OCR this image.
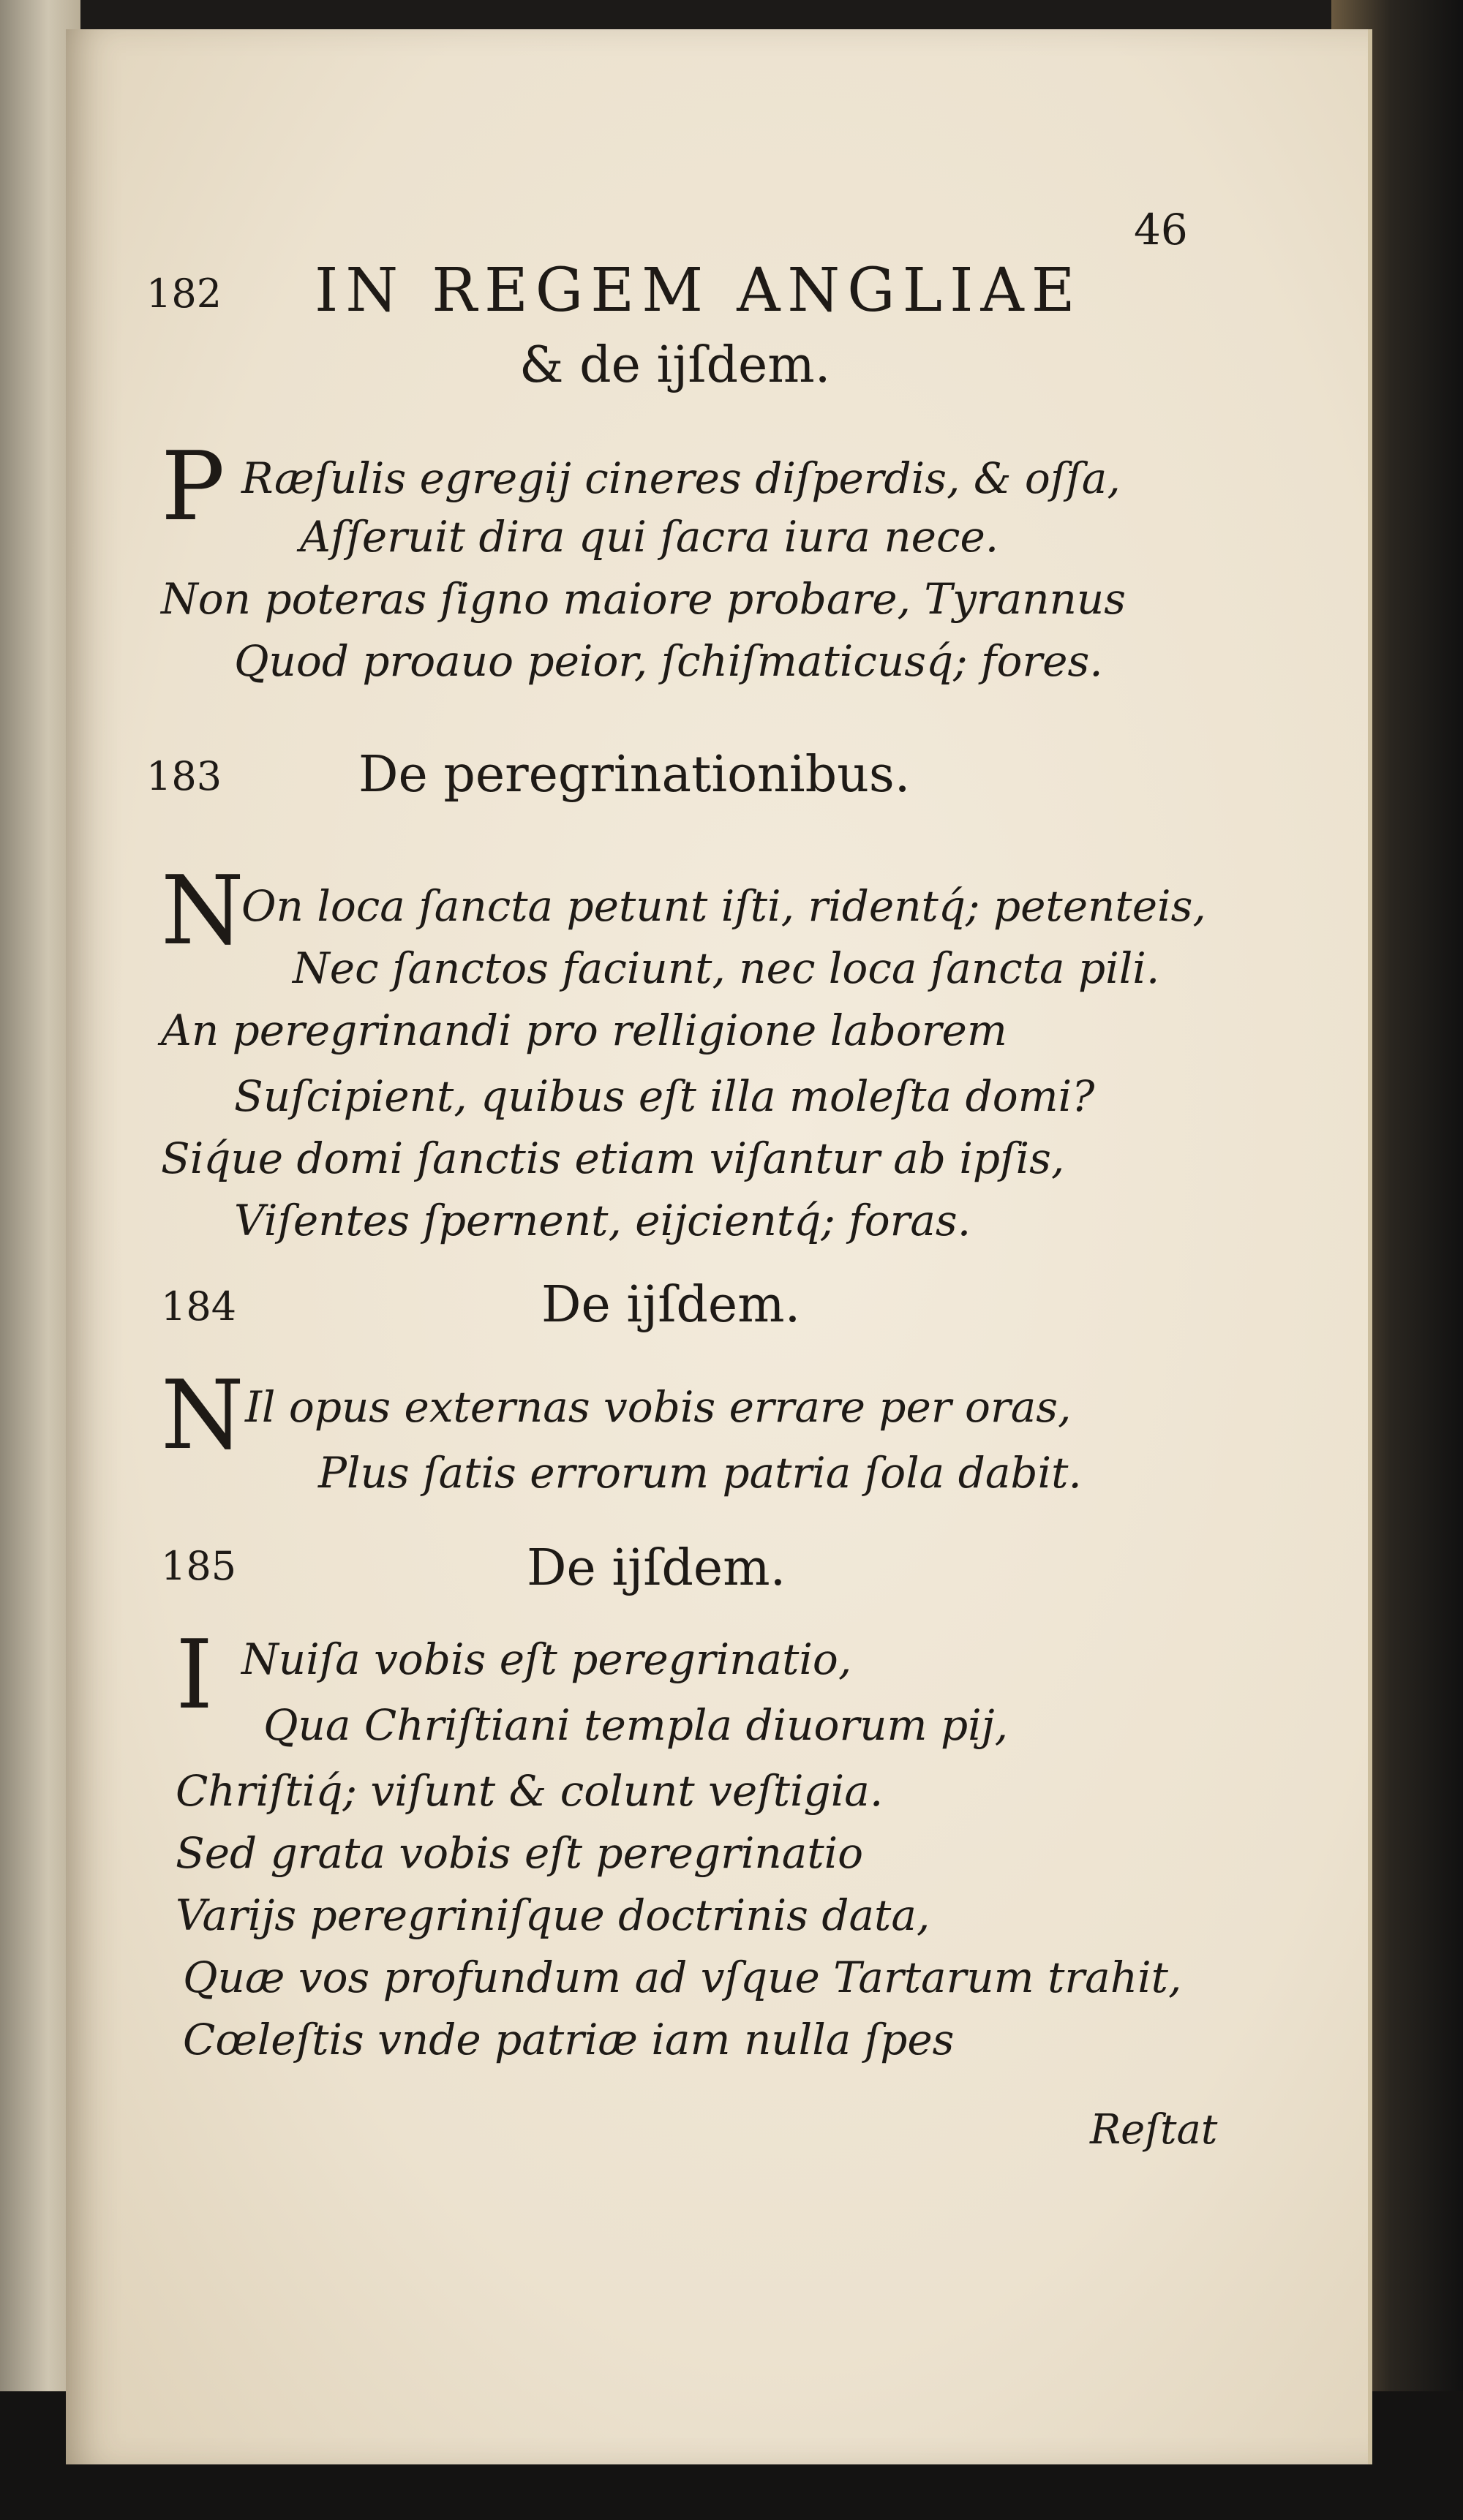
46
182 IN REGEM ANGLIAE
& de ijſdem.
P Ræſulis egregij cineres diſperdis, & oſſa,
Aſſeruit dira qui ſacra iura nece.
Non poteras ſigno maiore probare, Tyrannus
Quod proauo peior, ſchiſmaticusq́; fores.
183	De peregrinationibus.
N
On loca ſancta petunt iſti, ridentq́; petenteis,
Nec ſanctos faciunt, nec loca ſancta pili.
An peregrinandi pro relligione laborem
Suſcipient, quibus eſt illa moleſta domi?
Siq́ue domi ſanctis etiam viſantur ab ipſis,
Viſentes ſpernent, eijcientq́; foras.
184	De ijſdem.
N Il opus externas vobis errare per oras,
Plus ſatis errorum patria ſola dabit.
185	De ijſdem.
I Nuiſa vobis eſt peregrinatio,
Qua Chriſtiani templa diuorum pij,
Chriſtiq́; viſunt & colunt veſtigia.
Sed grata vobis eſt peregrinatio
Varijs peregriniſque doctrinis data,
Quæ vos profundum ad vſque Tartarum trahit,
Cœleſtis vnde patriæ iam nulla ſpes
Reſtat
